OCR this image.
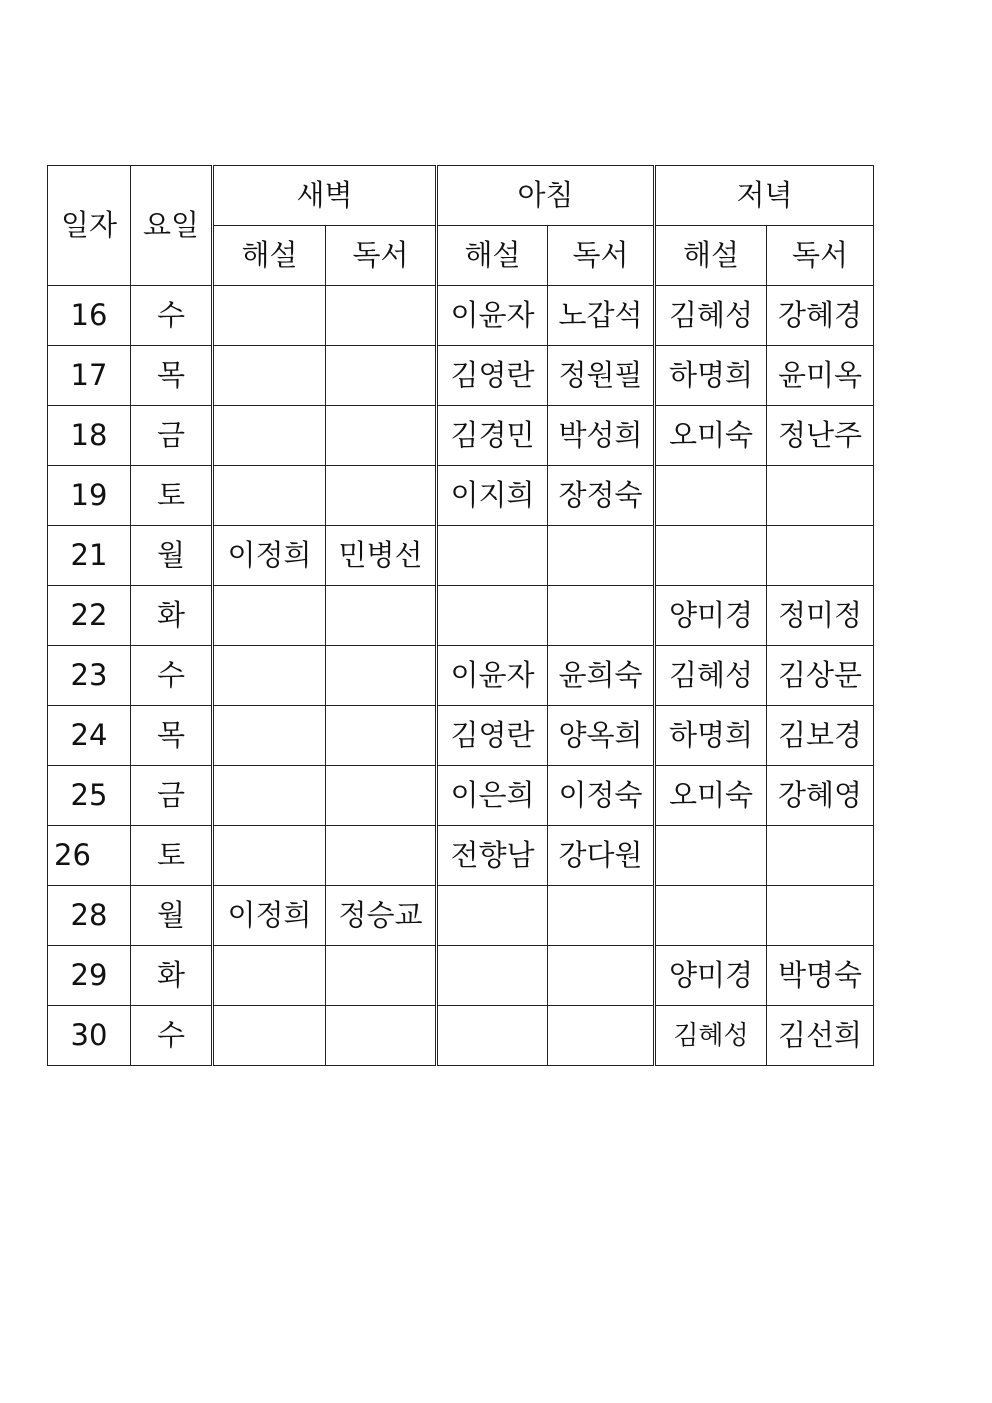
일자	요일	새벽		아침		저녁	
		해설	독서	해설	독서	해설	독서
16	수			이윤자	노갑석	김혜성	강혜경
17	목			김영란	정원필	하명희	윤미옥
18	금			김경민	박성희	오미숙	정난주
19	토			이지희	장정숙		
21	월	이정희	민병선				
22	화					양미경	정미정
23	수			이윤자	윤희숙	김혜성	김상문
24	목			김영란	양옥희	하명희	김보경
25	금			이은희	이정숙	오미숙	강혜영
26	토			전향남	강다원		
28	월	이정희	정승교				
29	화					양미경	박명숙
30	수					김혜성	김선희
